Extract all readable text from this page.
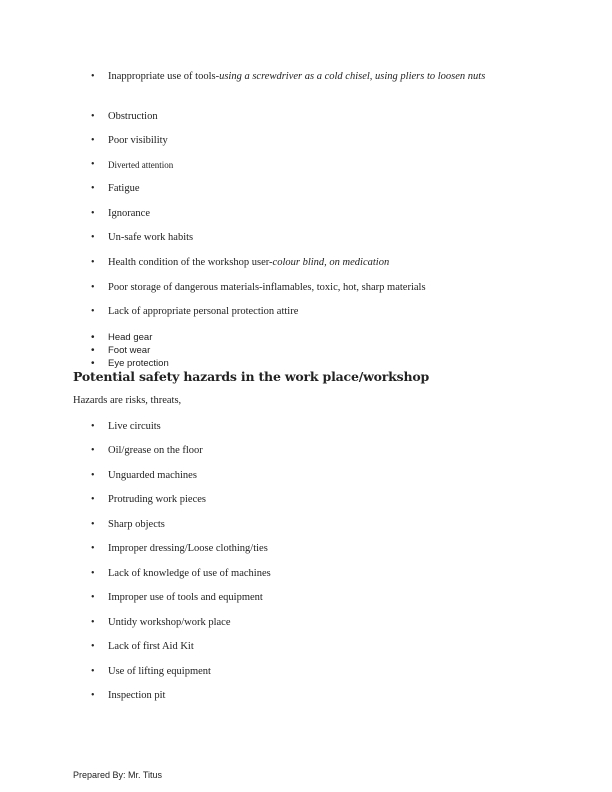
• Inappropriate use of tools-using a screwdriver as a cold chisel, using pliers to loosen nuts
• Obstruction
• Poor visibility
• Diverted attention
• Fatigue
• Ignorance
• Un-safe work habits
• Health condition of the workshop user-colour blind, on medication
• Poor storage of dangerous materials-inflamables, toxic, hot, sharp materials
• Lack of appropriate personal protection attire
• Head gear
• Foot wear
• Eye protection
Potential safety hazards in the work place/workshop
Hazards are risks, threats,
• Live circuits
• Oil/grease on the floor
• Unguarded machines
• Protruding work pieces
• Sharp objects
• Improper dressing/Loose clothing/ties
• Lack of knowledge of use of machines
• Improper use of tools and equipment
• Untidy workshop/work place
• Lack of first Aid Kit
• Use of lifting equipment
• Inspection pit
Prepared By: Mr. Titus
